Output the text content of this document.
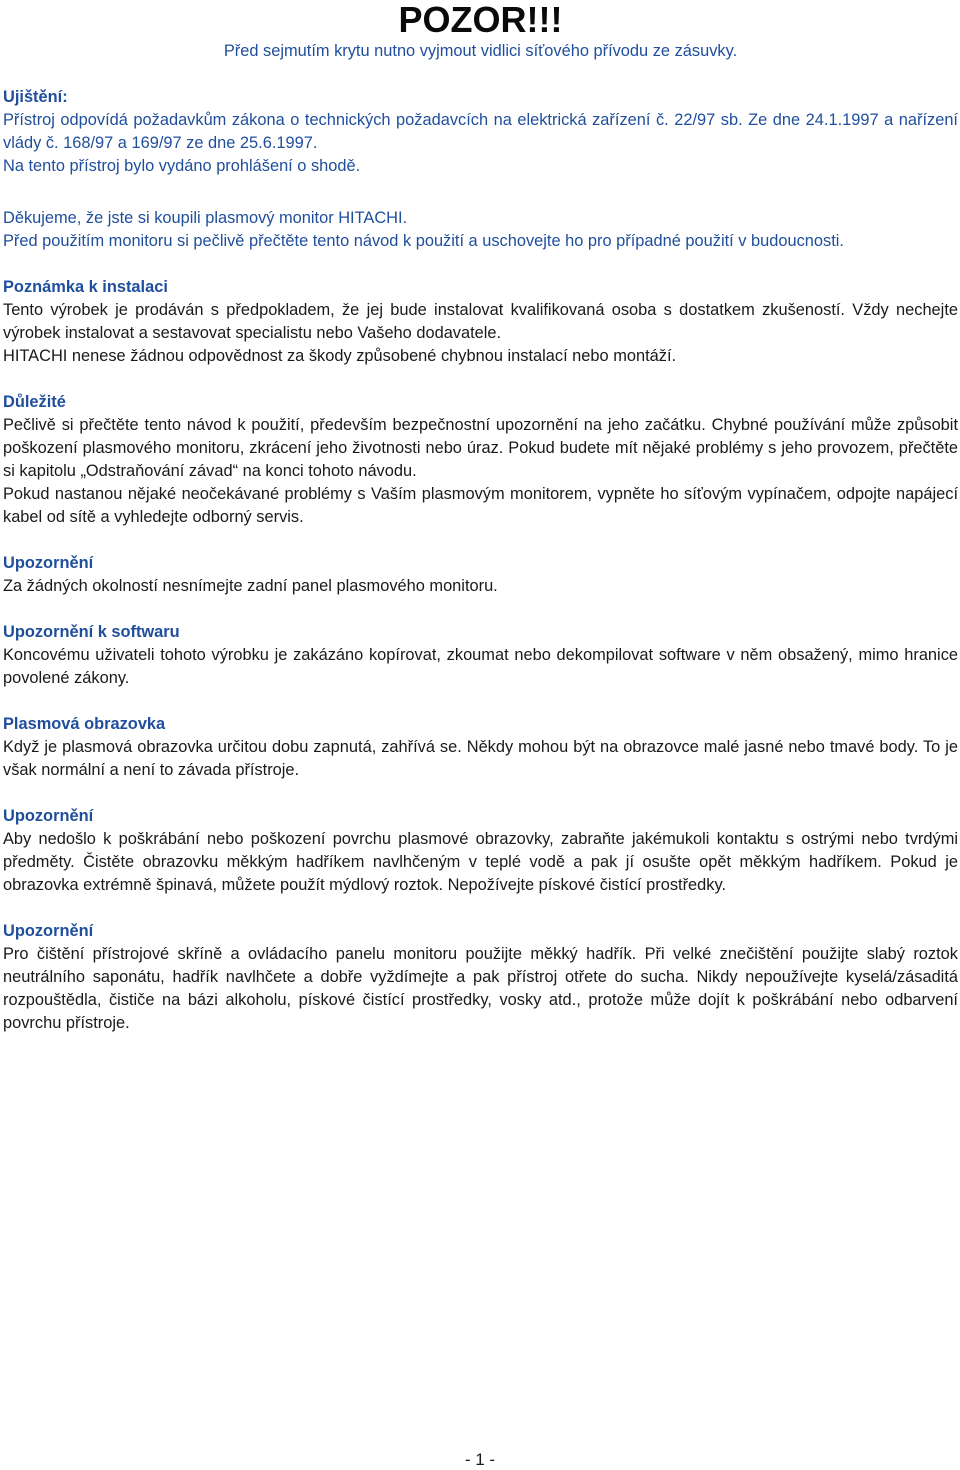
POZOR!!!

Před sejmutím krytu nutno vyjmout vidlici síťového přívodu ze zásuvky.

Ujištění:

Přístroj odpovídá požadavkům zákona o technických požadavcích na elektrická zařízení č. 22/97 sb. Ze dne 24.1.1997 a nařízení vlády č. 168/97 a 169/97 ze dne 25.6.1997.

Na tento přístroj bylo vydáno prohlášení o shodě.

Děkujeme, že jste si koupili plasmový monitor HITACHI.

Před použitím monitoru si pečlivě přečtěte tento návod k použití a uschovejte ho pro případné použití v budoucnosti.

Poznámka k instalaci

Tento výrobek je prodáván s předpokladem, že jej bude instalovat kvalifikovaná osoba s dostatkem zkušeností. Vždy nechejte výrobek instalovat a sestavovat specialistu nebo Vašeho dodavatele.

HITACHI nenese žádnou odpovědnost za škody způsobené chybnou instalací nebo montáží.

Důležité

Pečlivě si přečtěte tento návod k použití, především bezpečnostní upozornění na jeho začátku. Chybné používání může způsobit poškození plasmového monitoru, zkrácení jeho životnosti nebo úraz. Pokud budete mít nějaké problémy s jeho provozem, přečtěte si kapitolu „Odstraňování závad“ na konci tohoto návodu.

Pokud nastanou nějaké neočekávané problémy s Vaším plasmovým monitorem, vypněte ho síťovým vypínačem, odpojte napájecí kabel od sítě a vyhledejte odborný servis.

Upozornění

Za žádných okolností nesnímejte zadní panel plasmového monitoru.

Upozornění k softwaru

Koncovému uživateli tohoto výrobku je zakázáno kopírovat, zkoumat nebo dekompilovat software v něm obsažený, mimo hranice povolené zákony.

Plasmová obrazovka

Když je plasmová obrazovka určitou dobu zapnutá, zahřívá se. Někdy mohou být na obrazovce malé jasné nebo tmavé body. To je však normální a není to závada přístroje.

Upozornění

Aby nedošlo k poškrábání nebo poškození povrchu plasmové obrazovky, zabraňte jakémukoli kontaktu s ostrými nebo tvrdými předměty. Čistěte obrazovku měkkým hadříkem navlhčeným v teplé vodě a pak jí osušte opět měkkým hadříkem. Pokud je obrazovka extrémně špinavá, můžete použít mýdlový roztok. Nepožívejte pískové čistící prostředky.

Upozornění

Pro čištění přístrojové skříně a ovládacího panelu monitoru použijte měkký hadřík. Při velké znečištění použijte slabý roztok neutrálního saponátu, hadřík navlhčete a dobře vyždímejte a pak přístroj otřete do sucha. Nikdy nepoužívejte kyselá/zásaditá rozpouštědla, čističe na bázi alkoholu, pískové čistící prostředky, vosky atd., protože může dojít k poškrábání nebo odbarvení povrchu přístroje.

- 1 -
